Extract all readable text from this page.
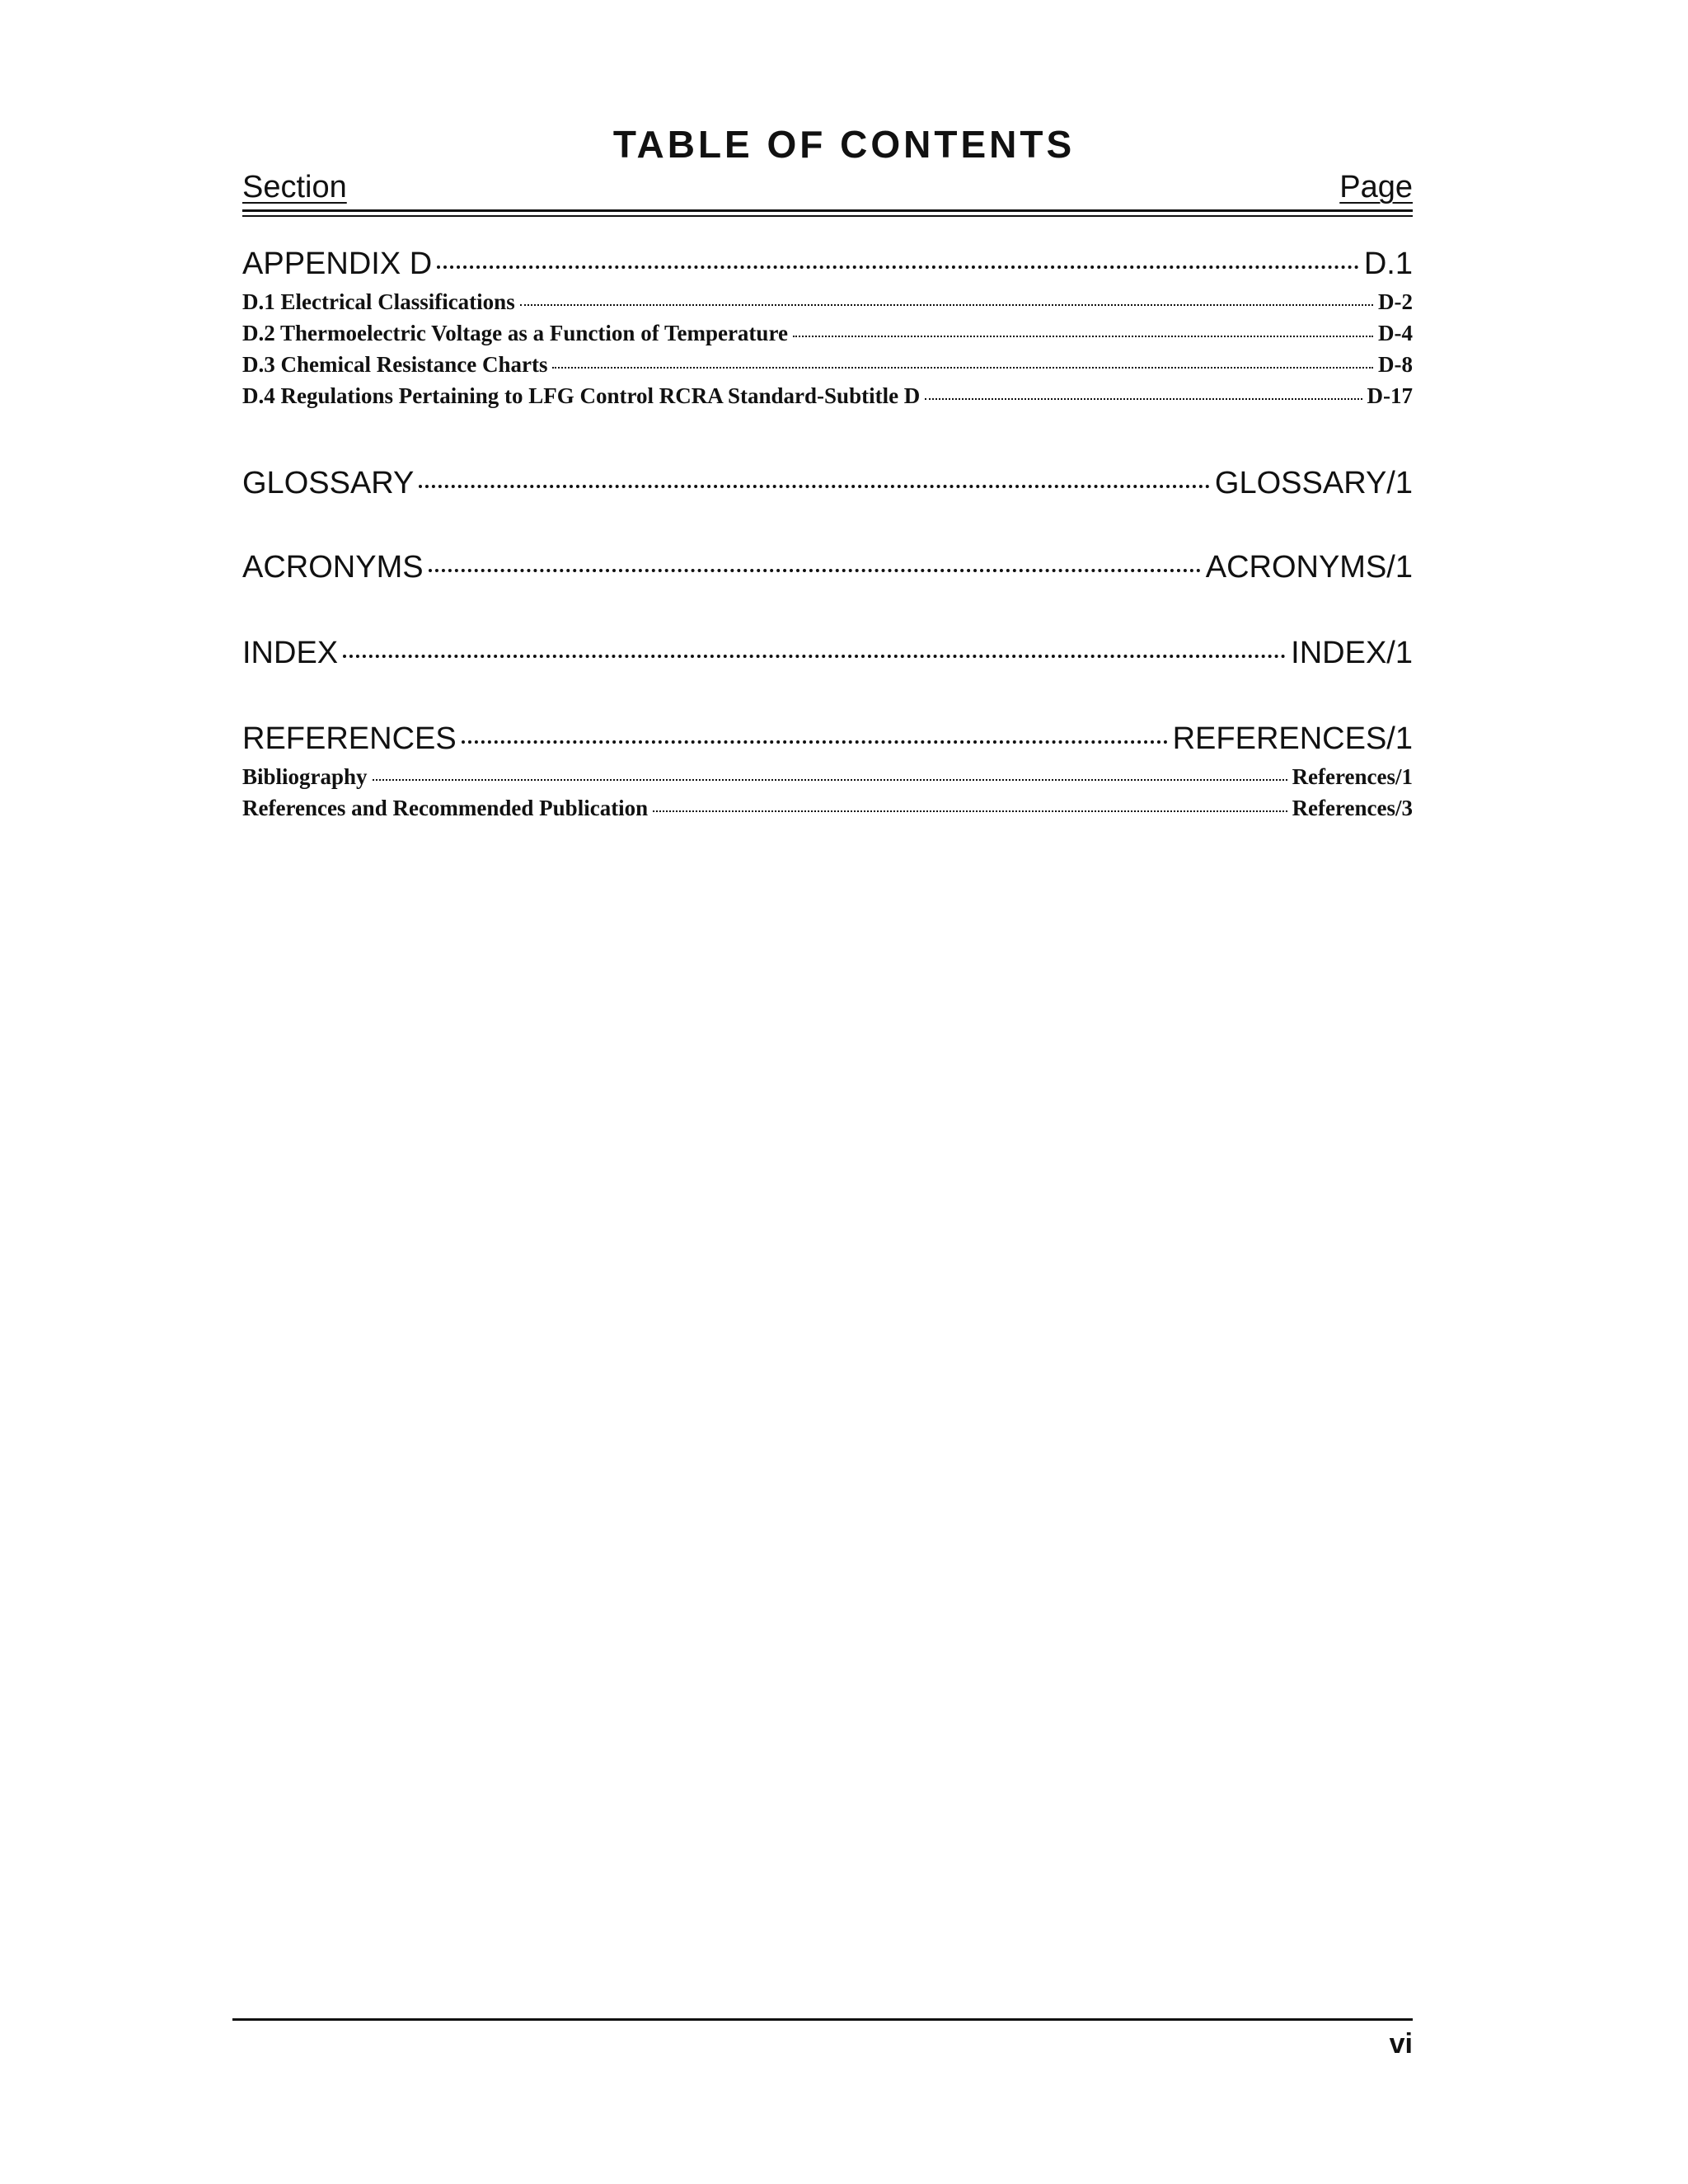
TABLE OF CONTENTS
Section	Page
APPENDIX D	D.1
D.1 Electrical Classifications	D-2
D.2 Thermoelectric Voltage as a Function of Temperature	D-4
D.3 Chemical Resistance Charts	D-8
D.4 Regulations Pertaining to LFG Control RCRA Standard-Subtitle D	D-17
GLOSSARY	GLOSSARY/1
ACRONYMS	ACRONYMS/1
INDEX	INDEX/1
REFERENCES	REFERENCES/1
Bibliography	References/1
References and Recommended Publication	References/3
vi
